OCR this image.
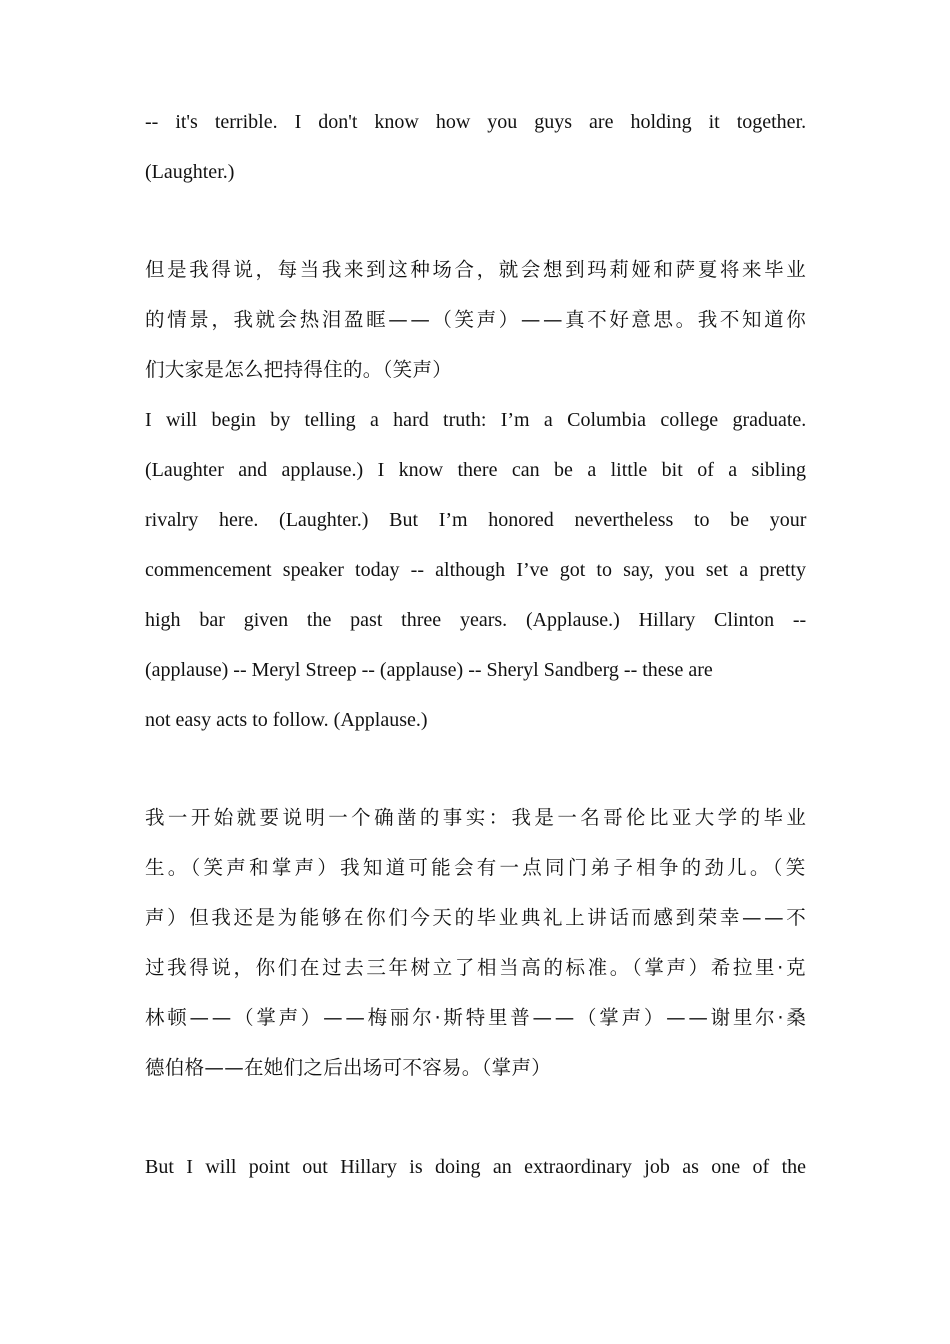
-- it's terrible. I don't know how you guys are holding it together.
(Laughter.)
但是我得说，每当我来到这种场合，就会想到玛莉娅和萨夏将来毕业
的情景，我就会热泪盈眶——（笑声）——真不好意思。我不知道你
们大家是怎么把持得住的。（笑声）
I will begin by telling a hard truth: I’m a Columbia college graduate.
(Laughter and applause.) I know there can be a little bit of a sibling
rivalry here. (Laughter.) But I’m honored nevertheless to be your
commencement speaker today -- although I’ve got to say, you set a pretty
high bar given the past three years. (Applause.) Hillary Clinton --
(applause) -- Meryl Streep -- (applause) -- Sheryl Sandberg -- these are
not easy acts to follow. (Applause.)
我一开始就要说明一个确凿的事实：我是一名哥伦比亚大学的毕业
生。（笑声和掌声）我知道可能会有一点同门弟子相争的劲儿。（笑
声）但我还是为能够在你们今天的毕业典礼上讲话而感到荣幸——不
过我得说，你们在过去三年树立了相当高的标准。（掌声）希拉里·克
林顿——（掌声）——梅丽尔·斯特里普——（掌声）——谢里尔·桑
德伯格——在她们之后出场可不容易。（掌声）
But I will point out Hillary is doing an extraordinary job as one of the
